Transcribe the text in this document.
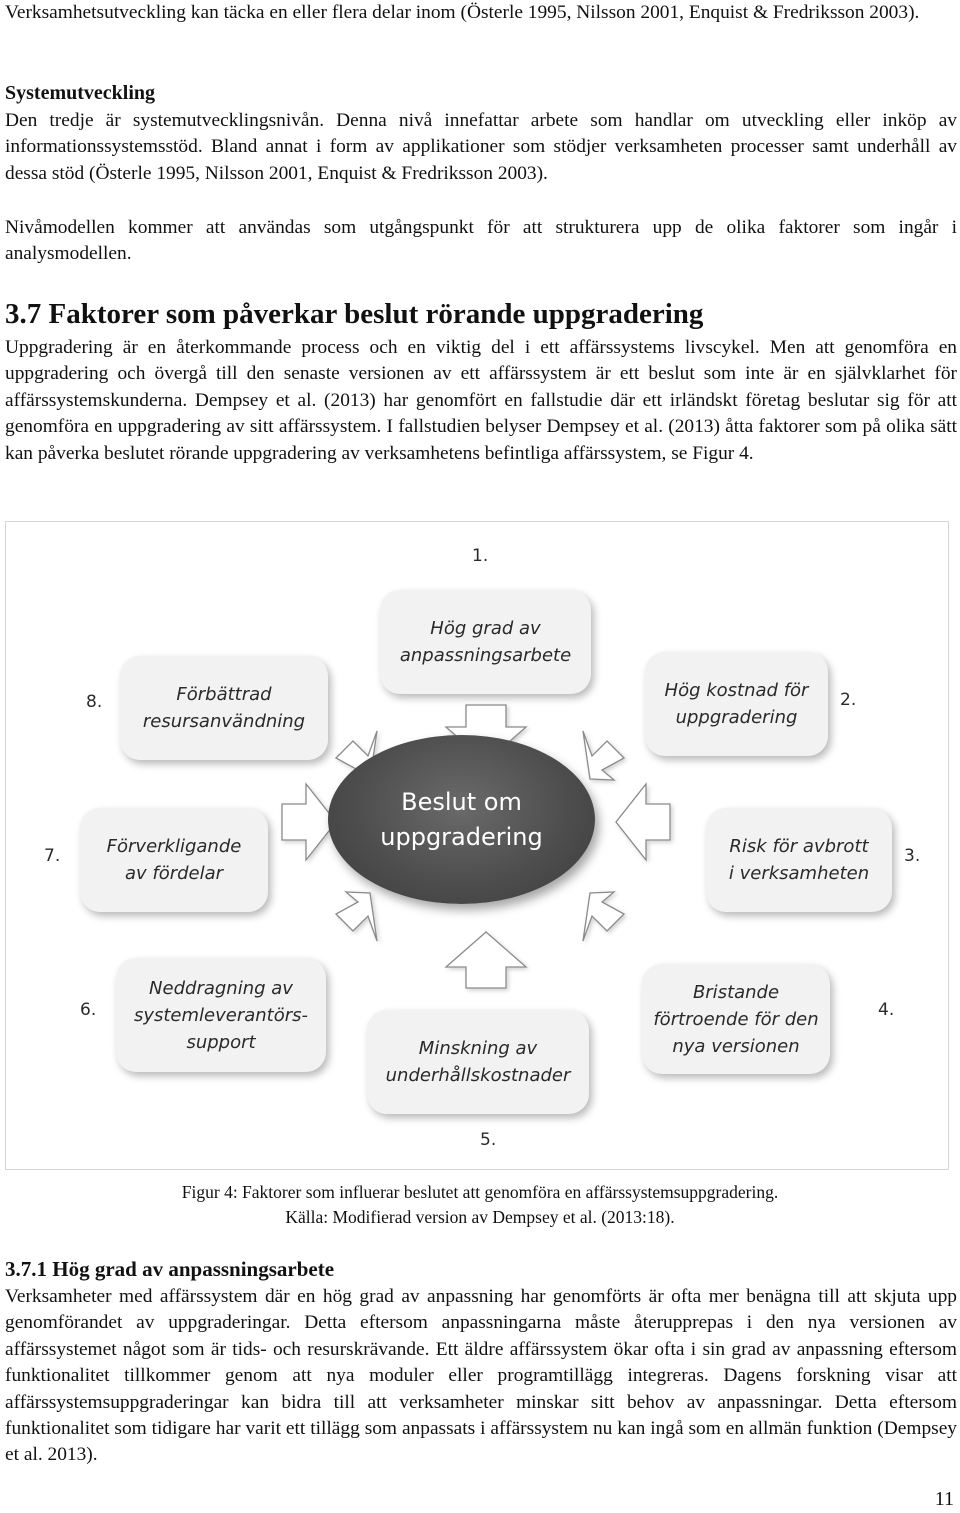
Verksamhetsutveckling kan täcka en eller flera delar inom (Österle 1995, Nilsson 2001, Enquist & Fredriksson 2003).

Systemutveckling

Den tredje är systemutvecklingsnivån. Denna nivå innefattar arbete som handlar om utveckling eller inköp av informationssystemsstöd. Bland annat i form av applikationer som stödjer verksamheten processer samt underhåll av dessa stöd (Österle 1995, Nilsson 2001, Enquist & Fredriksson 2003).

Nivåmodellen kommer att användas som utgångspunkt för att strukturera upp de olika faktorer som ingår i analysmodellen.

3.7 Faktorer som påverkar beslut rörande uppgradering

Uppgradering är en återkommande process och en viktig del i ett affärssystems livscykel. Men att genomföra en uppgradering och övergå till den senaste versionen av ett affärssystem är ett beslut som inte är en självklarhet för affärssystemskunderna. Dempsey et al. (2013) har genomfört en fallstudie där ett irländskt företag beslutar sig för att genomföra en uppgradering av sitt affärssystem. I fallstudien belyser Dempsey et al. (2013) åtta faktorer som på olika sätt kan påverka beslutet rörande uppgradering av verksamhetens befintliga affärssystem, se Figur 4.

Beslut om
uppgradering
1.
Hög grad av
anpassningsarbete
Hög kostnad för
uppgradering
2.
Risk för avbrott
i verksamheten
3.
Bristande
förtroende för den
nya versionen
4.
Minskning av
underhållskostnader
5.
6.
Neddragning av
systemleverantörs-
support
7.	Förverkligande
av fördelar
8.	Förbättrad
resursanvändning
Figur 4: Faktorer som influerar beslutet att genomföra en affärssystemsuppgradering.
Källa: Modifierad version av Dempsey et al. (2013:18).
3.7.1 Hög grad av anpassningsarbete

Verksamheter med affärssystem där en hög grad av anpassning har genomförts är ofta mer benägna till att skjuta upp genomförandet av uppgraderingar. Detta eftersom anpassningarna måste återupprepas i den nya versionen av affärssystemet något som är tids- och resurskrävande. Ett äldre affärssystem ökar ofta i sin grad av anpassning eftersom funktionalitet tillkommer genom att nya moduler eller programtillägg integreras. Dagens forskning visar att affärssystemsuppgraderingar kan bidra till att verksamheter minskar sitt behov av anpassningar. Detta eftersom funktionalitet som tidigare har varit ett tillägg som anpassats i affärssystem nu kan ingå som en allmän funktion (Dempsey et al. 2013).

11
